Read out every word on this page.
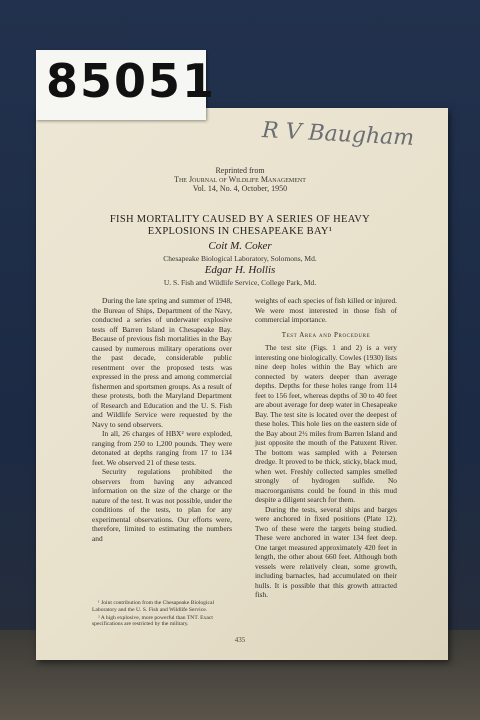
85051
R V Baugham
Reprinted from
The Journal of Wildlife Management
Vol. 14, No. 4, October, 1950
FISH MORTALITY CAUSED BY A SERIES OF HEAVY
EXPLOSIONS IN CHESAPEAKE BAY¹
Coit M. Coker
Chesapeake Biological Laboratory, Solomons, Md.
Edgar H. Hollis
U. S. Fish and Wildlife Service, College Park, Md.

During the late spring and summer of 1948, the Bureau of Ships, Department of the Navy, conducted a series of underwater explosive tests off Barren Island in Chesapeake Bay. Because of previous fish mortalities in the Bay caused by numerous military operations over the past decade, considerable public resentment over the proposed tests was expressed in the press and among commercial fishermen and sportsmen groups. As a result of these protests, both the Maryland Department of Research and Education and the U. S. Fish and Wildlife Service were requested by the Navy to send observers.

In all, 26 charges of HBX² were exploded, ranging from 250 to 1,200 pounds. They were detonated at depths ranging from 17 to 134 feet. We observed 21 of these tests.

Security regulations prohibited the observers from having any advanced information on the size of the charge or the nature of the test. It was not possible, under the conditions of the tests, to plan for any experimental observations. Our efforts were, therefore, limited to estimating the numbers and

¹ Joint contribution from the Chesapeake Biological Laboratory and the U. S. Fish and Wildlife Service.

² A high explosive, more powerful than TNT. Exact specifications are restricted by the military.

weights of each species of fish killed or injured. We were most interested in those fish of commercial importance.

Test Area and Procedure

The test site (Figs. 1 and 2) is a very interesting one biologically. Cowles (1930) lists nine deep holes within the Bay which are connected by waters deeper than average depths. Depths for these holes range from 114 feet to 156 feet, whereas depths of 30 to 40 feet are about average for deep water in Chesapeake Bay. The test site is located over the deepest of these holes. This hole lies on the eastern side of the Bay about 2½ miles from Barren Island and just opposite the mouth of the Patuxent River. The bottom was sampled with a Petersen dredge. It proved to be thick, sticky, black mud, when wet. Freshly collected samples smelled strongly of hydrogen sulfide. No macroorganisms could be found in this mud despite a diligent search for them.

During the tests, several ships and barges were anchored in fixed positions (Plate 12). Two of these were the targets being studied. These were anchored in water 134 feet deep. One target measured approximately 420 feet in length, the other about 660 feet. Although both vessels were relatively clean, some growth, including barnacles, had accumulated on their hulls. It is possible that this growth attracted fish.

435
